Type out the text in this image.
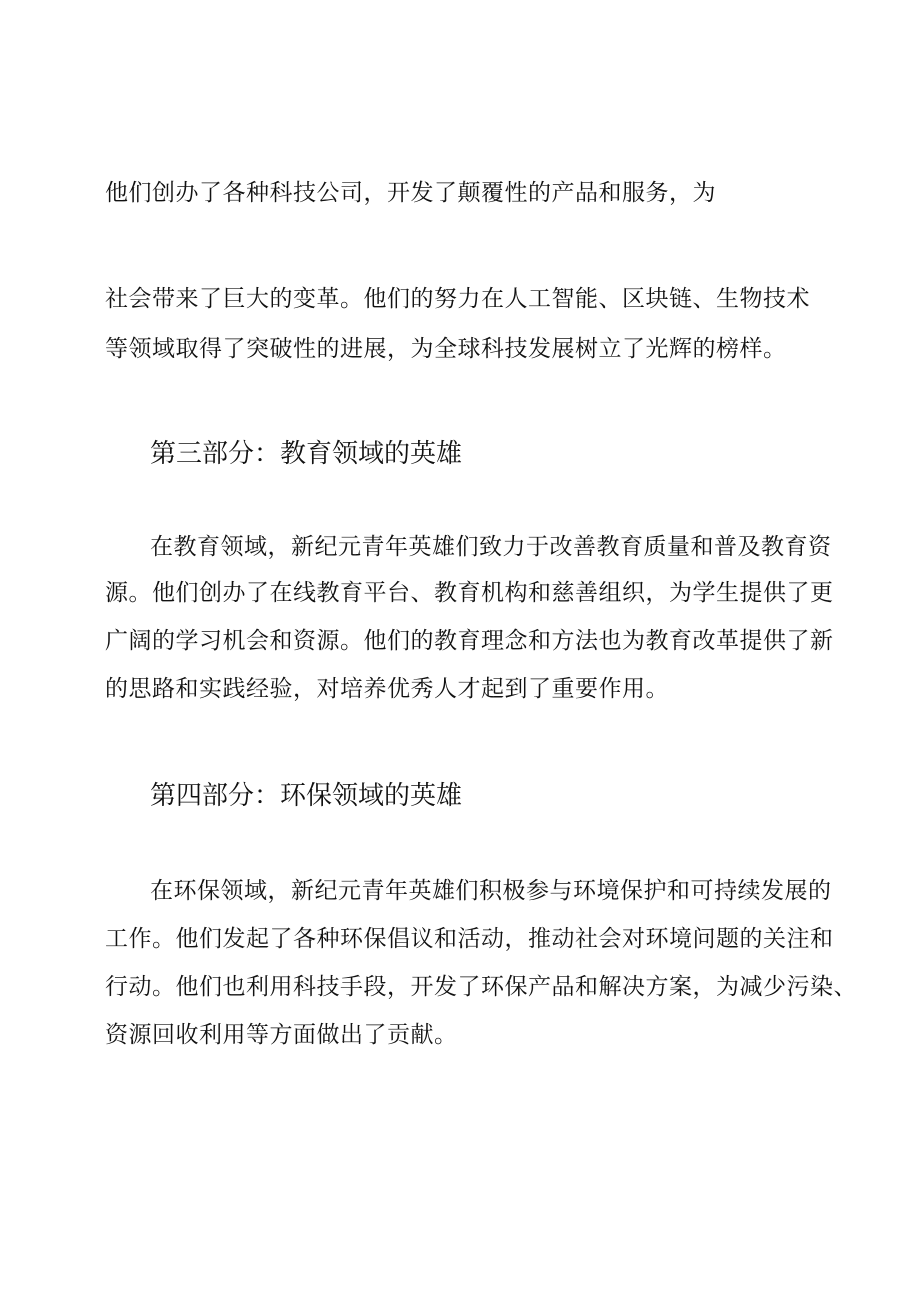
他们创办了各种科技公司，开发了颠覆性的产品和服务，为
社会带来了巨大的变革。他们的努力在人工智能、区块链、生物技术
等领域取得了突破性的进展，为全球科技发展树立了光辉的榜样。
第三部分：教育领域的英雄
在教育领域，新纪元青年英雄们致力于改善教育质量和普及教育资
源。他们创办了在线教育平台、教育机构和慈善组织，为学生提供了更
广阔的学习机会和资源。他们的教育理念和方法也为教育改革提供了新
的思路和实践经验，对培养优秀人才起到了重要作用。
第四部分：环保领域的英雄
在环保领域，新纪元青年英雄们积极参与环境保护和可持续发展的
工作。他们发起了各种环保倡议和活动，推动社会对环境问题的关注和
行动。他们也利用科技手段，开发了环保产品和解决方案，为减少污染、
资源回收利用等方面做出了贡献。
